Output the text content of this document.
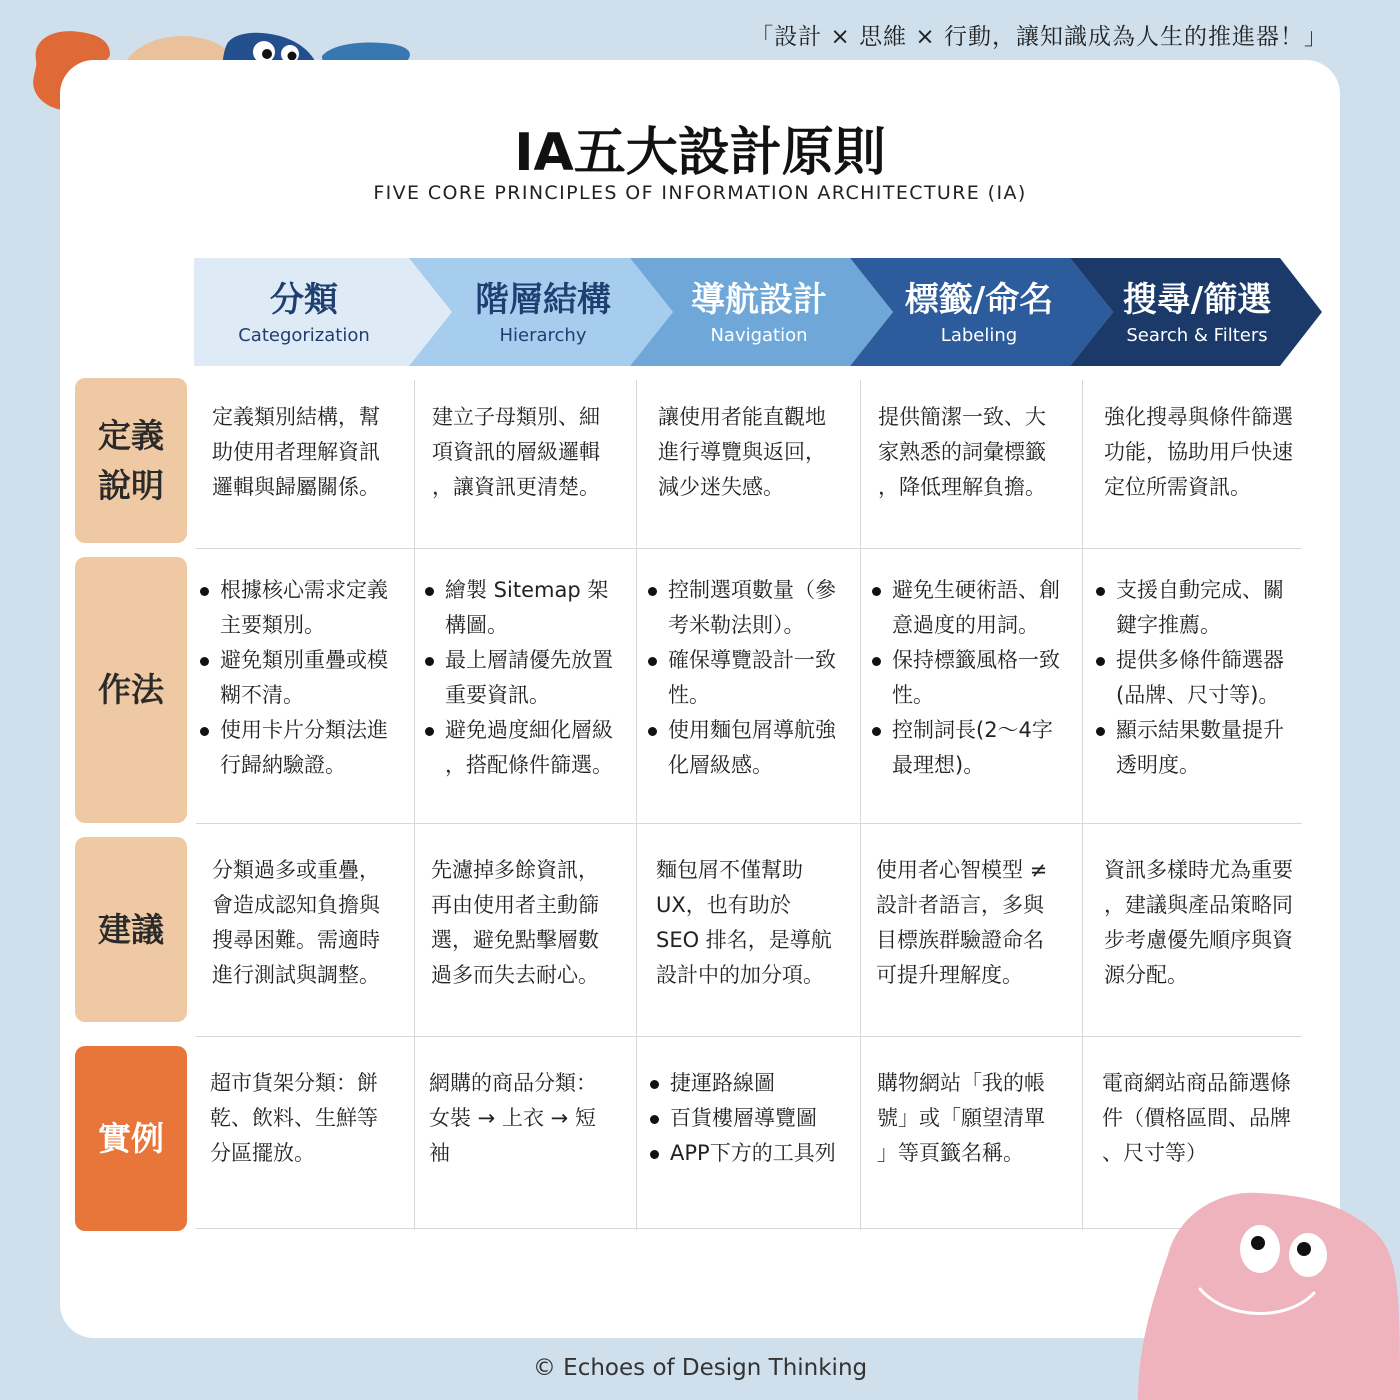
「設計 × 思維 × 行動，讓知識成為人生的推進器！」
IA五大設計原則
FIVE CORE PRINCIPLES OF INFORMATION ARCHITECTURE (IA)
分類
Categorization
階層結構
Hierarchy
導航設計
Navigation
標籤/命名
Labeling
搜尋/篩選
Search & Filters
定義
說明
定義類別結構，幫
助使用者理解資訊
邏輯與歸屬關係。
建立子母類別、細
項資訊的層級邏輯
，讓資訊更清楚。
讓使用者能直觀地
進行導覽與返回，
減少迷失感。
提供簡潔一致、大
家熟悉的詞彙標籤
，降低理解負擔。
強化搜尋與條件篩選
功能，協助用戶快速
定位所需資訊。
作法
根據核心需求定義
主要類別。
避免類別重疊或模
糊不清。
使用卡片分類法進
行歸納驗證。
繪製 Sitemap 架
構圖。
最上層請優先放置
重要資訊。
避免過度細化層級
，搭配條件篩選。
控制選項數量（參
考米勒法則）。
確保導覽設計一致
性。
使用麵包屑導航強
化層級感。
避免生硬術語、創
意過度的用詞。
保持標籤風格一致
性。
控制詞長(2～4字
最理想)。
支援自動完成、關
鍵字推薦。
提供多條件篩選器
(品牌、尺寸等)。
顯示結果數量提升
透明度。
建議
分類過多或重疊，
會造成認知負擔與
搜尋困難。需適時
進行測試與調整。
先濾掉多餘資訊，
再由使用者主動篩
選，避免點擊層數
過多而失去耐心。
麵包屑不僅幫助
UX，也有助於
SEO 排名，是導航
設計中的加分項。
使用者心智模型 ≠
設計者語言，多與
目標族群驗證命名
可提升理解度。
資訊多樣時尤為重要
，建議與產品策略同
步考慮優先順序與資
源分配。
實例
超市貨架分類：餅
乾、飲料、生鮮等
分區擺放。
網購的商品分類：
女裝 → 上衣 → 短
袖
捷運路線圖
百貨樓層導覽圖
APP下方的工具列
購物網站「我的帳
號」或「願望清單
」等頁籤名稱。
電商網站商品篩選條
件（價格區間、品牌
、尺寸等）
© Echoes of Design Thinking
